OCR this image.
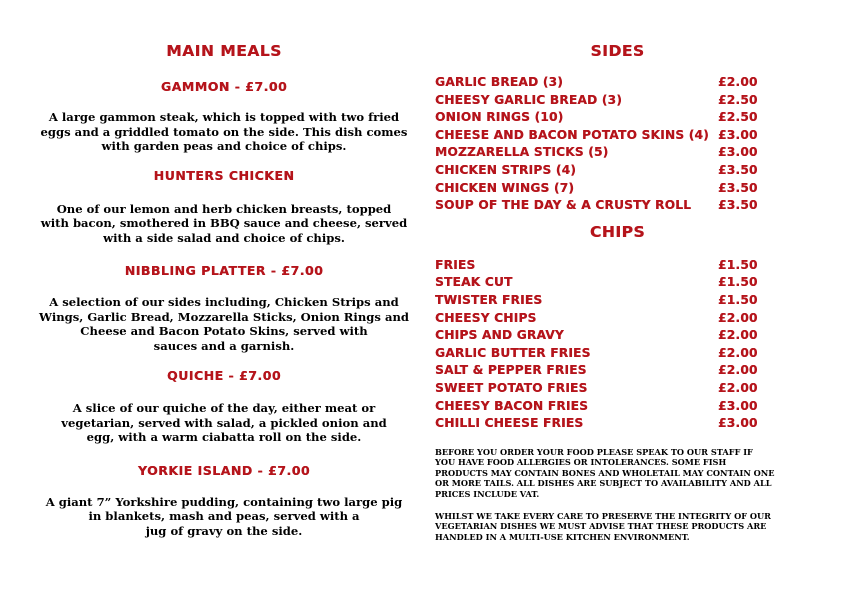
MAIN MEALS
GAMMON - £7.00

A large gammon steak, which is topped with two fried
eggs and a griddled tomato on the side. This dish comes
with garden peas and choice of chips.

HUNTERS CHICKEN

One of our lemon and herb chicken breasts, topped
with bacon, smothered in BBQ sauce and cheese, served
with a side salad and choice of chips.

NIBBLING PLATTER - £7.00

A selection of our sides including, Chicken Strips and
Wings, Garlic Bread, Mozzarella Sticks, Onion Rings and
Cheese and Bacon Potato Skins, served with
sauces and a garnish.

QUICHE - £7.00

A slice of our quiche of the day, either meat or
vegetarian, served with salad, a pickled onion and
egg, with a warm ciabatta roll on the side.

YORKIE ISLAND - £7.00

A giant 7” Yorkshire pudding, containing two large pig
in blankets, mash and peas, served with a
jug of gravy on the side.

SIDES
GARLIC BREAD (3)	£2.00
CHEESY GARLIC BREAD (3)	£2.50
ONION RINGS (10)	£2.50
CHEESE AND BACON POTATO SKINS (4) £3.00
MOZZARELLA STICKS (5)	£3.00
CHICKEN STRIPS (4)	£3.50
CHICKEN WINGS (7)	£3.50
SOUP OF THE DAY & A CRUSTY ROLL £3.50
CHIPS
FRIES	£1.50
STEAK CUT	£1.50
TWISTER FRIES	£1.50
CHEESY CHIPS	£2.00
CHIPS AND GRAVY	£2.00
GARLIC BUTTER FRIES	£2.00
SALT & PEPPER FRIES	£2.00
SWEET POTATO FRIES	£2.00
CHEESY BACON FRIES	£3.00
CHILLI CHEESE FRIES	£3.00

BEFORE YOU ORDER YOUR FOOD PLEASE SPEAK TO OUR STAFF IF
YOU HAVE FOOD ALLERGIES OR INTOLERANCES. SOME FISH
PRODUCTS MAY CONTAIN BONES AND WHOLETAIL MAY CONTAIN ONE
OR MORE TAILS. ALL DISHES ARE SUBJECT TO AVAILABILITY AND ALL
PRICES INCLUDE VAT.

WHILST WE TAKE EVERY CARE TO PRESERVE THE INTEGRITY OF OUR
VEGETARIAN DISHES WE MUST ADVISE THAT THESE PRODUCTS ARE
HANDLED IN A MULTI-USE KITCHEN ENVIRONMENT.
